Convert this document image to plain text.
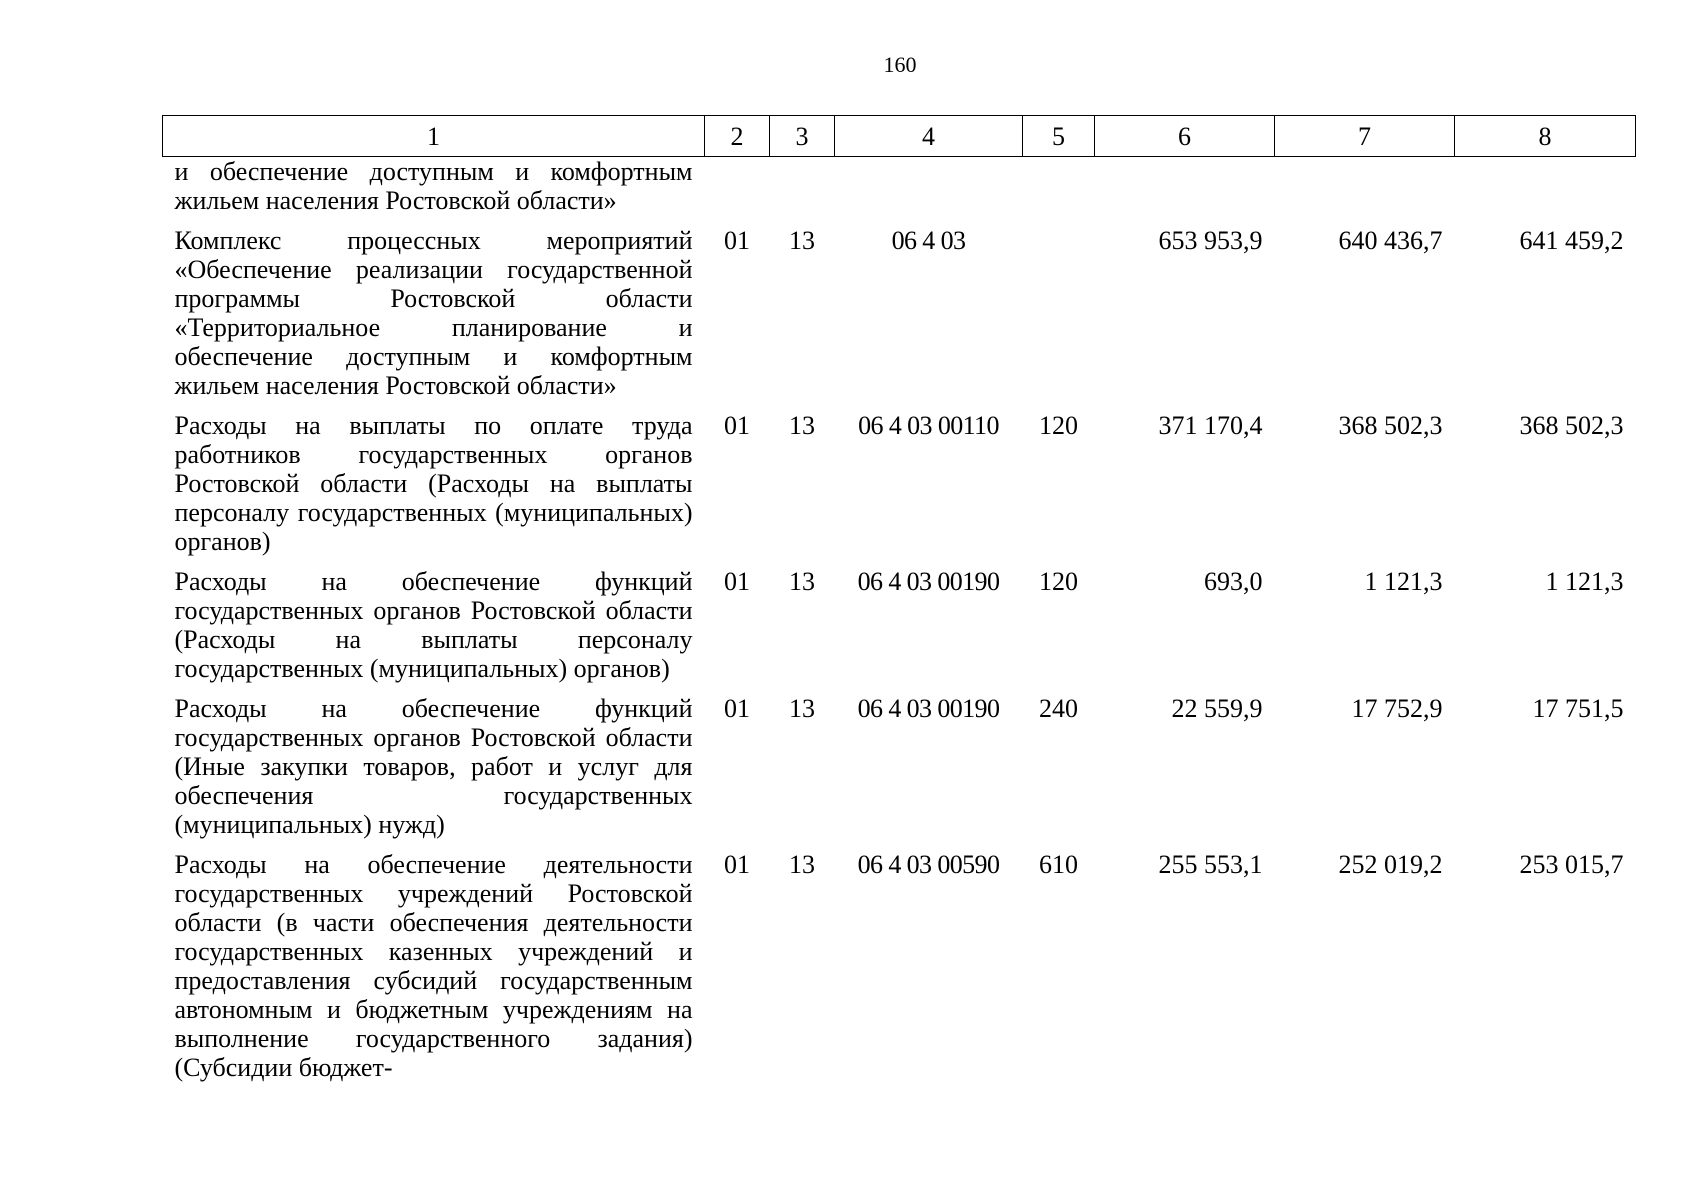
160
1	2	3	4	5	6	7	8
и обеспечение доступным и комфортным жильем населения Ростовской области»							
Комплекс процессных мероприятий «Обеспечение реализации государственной программы Ростовской области «Территориальное планирование и обеспечение доступным и комфортным жильем населения Ростовской области»	01	13	06 4 03		653 953,9	640 436,7	641 459,2
Расходы на выплаты по оплате труда работников государственных органов Ростовской области (Расходы на выплаты персоналу государственных (муниципальных) органов)	01	13	06 4 03 00110	120	371 170,4	368 502,3	368 502,3
Расходы на обеспечение функций государственных органов Ростовской области (Расходы на выплаты персоналу государственных (муниципальных) органов)	01	13	06 4 03 00190	120	693,0	1 121,3	1 121,3
Расходы на обеспечение функций государственных органов Ростовской области (Иные закупки товаров, работ и услуг для обеспечения государственных (муниципальных) нужд)	01	13	06 4 03 00190	240	22 559,9	17 752,9	17 751,5
Расходы на обеспечение деятельности государственных учреждений Ростовской области (в части обеспечения деятельности государственных казенных учреждений и предоставления субсидий государственным автономным и бюджетным учреждениям на выполнение государственного задания) (Субсидии бюджет-	01	13	06 4 03 00590	610	255 553,1	252 019,2	253 015,7
